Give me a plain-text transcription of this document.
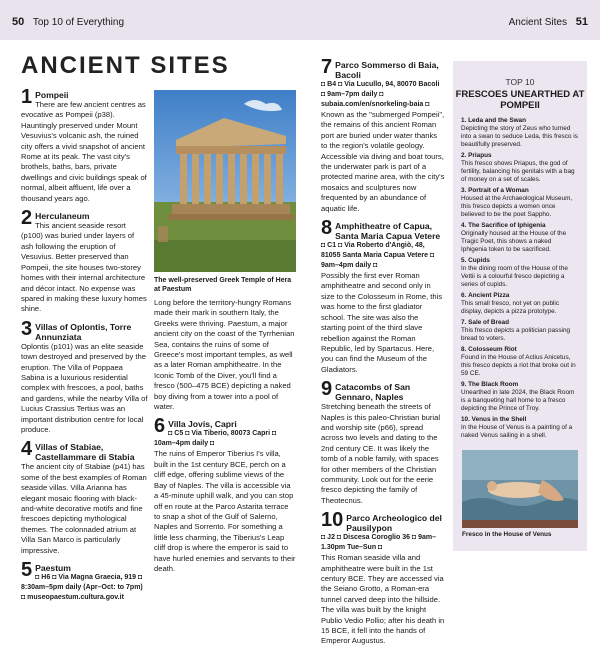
50 Top 10 of Everything	Ancient Sites 51
ANCIENT SITES
1 Pompeii

There are few ancient centres as evocative as Pompeii (p38). Hauntingly preserved under Mount Vesuvius's volcanic ash, the ruined city offers a vivid snapshot of ancient Rome at its peak. The vast city's brothels, baths, bars, private dwellings and civic buildings speak of normal, albeit affluent, life over a thousand years ago.

2 Herculaneum

This ancient seaside resort (p100) was buried under layers of ash following the eruption of Vesuvius. Better preserved than Pompeii, the site houses two-storey homes with their internal architecture and décor intact. No expense was spared in making these luxury homes shine.

3 Villas of Oplontis, Torre Annunziata

Oplontis (p101) was an elite seaside town destroyed and preserved by the eruption. The Villa of Poppaea Sabina is a luxurious residential complex with frescoes, a pool, baths and gardens, while the nearby Villa of Lucius Crassius Tertius was an important distribution centre for local produce.

4 Villas of Stabiae, Castellammare di Stabia

The ancient city of Stabiae (p41) has some of the best examples of Roman seaside villas. Villa Arianna has elegant mosaic flooring with black-and-white decorative motifs and fine frescoes depicting mythological themes. The colonnaded atrium at Villa San Marco is particularly impressive.

5 Paestum
◘ H6 ◘ Via Magna Graecia, 919 ◘ 8:30am–5pm daily (Apr–Oct: to 7pm) ◘ museopaestum.cultura.gov.it
The well-preserved Greek Temple of Hera at Paestum

Long before the territory-hungry Romans made their mark in southern Italy, the Greeks were thriving. Paestum, a major ancient city on the coast of the Tyrrhenian Sea, contains the ruins of some of Greece's most important temples, as well as a later Roman amphitheatre. In the Iconic Tomb of the Diver, you'll find a fresco (500–475 BCE) depicting a naked boy diving from a tower into a pool of water.

6 Villa Jovis, Capri
◘ C5 ◘ Via Tiberio, 80073 Capri ◘ 10am–4pm daily ◘

The ruins of Emperor Tiberius I's villa, built in the 1st century BCE, perch on a cliff edge, offering sublime views of the Bay of Naples. The villa is accessible via a 45-minute uphill walk, and you can stop off en route at the Parco Astarita terrace to snap a shot of the Gulf of Salerno, Naples and Sorrento. For something a little less charming, the Tiberius's Leap cliff drop is where the emperor is said to have hurled enemies and servants to their death.

7 Parco Sommerso di Baia, Bacoli
◘ B4 ◘ Via Lucullo, 94, 80070 Bacoli ◘ 9am–7pm daily ◘ subaia.com/en/snorkeling-baia ◘

Known as the "submerged Pompeii", the remains of this ancient Roman port are buried under water thanks to the region's volatile geology. Accessible via diving and boat tours, the underwater park is part of a protected marine area, with the city's mosaics and sculptures now frequented by an abundance of aquatic life.

8 Amphitheatre of Capua, Santa Maria Capua Vetere
◘ C1 ◘ Via Roberto d'Angiò, 48, 81055 Santa Maria Capua Vetere ◘ 9am–4pm daily ◘

Possibly the first ever Roman amphitheatre and second only in size to the Colosseum in Rome, this was home to the first gladiator school. The site was also the starting point of the third slave rebellion against the Roman Republic, led by Spartacus. Here, you can find the Museum of the Gladiators.

9 Catacombs of San Gennaro, Naples

Stretching beneath the streets of Naples is this paleo-Christian burial and worship site (p66), spread across two levels and dating to the 2nd century CE. It was likely the tomb of a noble family, with spaces for other members of the Christian community. Look out for the eerie fresco depicting the family of Theotecnus.

10 Parco Archeologico del Pausilypon
◘ J2 ◘ Discesa Coroglio 36 ◘ 9am–1.30pm Tue–Sun ◘

This Roman seaside villa and amphitheatre were built in the 1st century BCE. They are accessed via the Seiano Grotto, a Roman-era tunnel carved deep into the hillside. The villa was built by the knight Publio Vedio Pollio; after his death in 15 BCE, it fell into the hands of Emperor Augustus.

TOP 10
FRESCOES UNEARTHED AT POMPEII
1. Leda and the Swan
Depicting the story of Zeus who turned into a swan to seduce Leda, this fresco is beautifully preserved.
2. Priapus
This fresco shows Priapus, the god of fertility, balancing his genitals with a bag of money on a set of scales.
3. Portrait of a Woman
Housed at the Archaeological Museum, this fresco depicts a women once believed to be the poet Sappho.
4. The Sacrifice of Iphigenia
Originally housed at the House of the Tragic Poet, this shows a naked Iphigenia token to be sacrificed.
5. Cupids
In the dining room of the House of the Vettii is a colourful fresco depicting a series of cupids.
6. Ancient Pizza
This small fresco, not yet on public display, depicts a pizza prototype.
7. Sale of Bread
This fresco depicts a politician passing bread to voters.
8. Colosseum Riot
Found in the House of Actius Anicetus, this fresco depicts a riot that broke out in 59 CE.
9. The Black Room
Unearthed in late 2024, the Black Room is a banqueting hall home to a fresco depicting the Prince of Troy.
10. Venus in the Shell
In the House of Venus is a painting of a naked Venus sailing in a shell.
Fresco in the House of Venus
